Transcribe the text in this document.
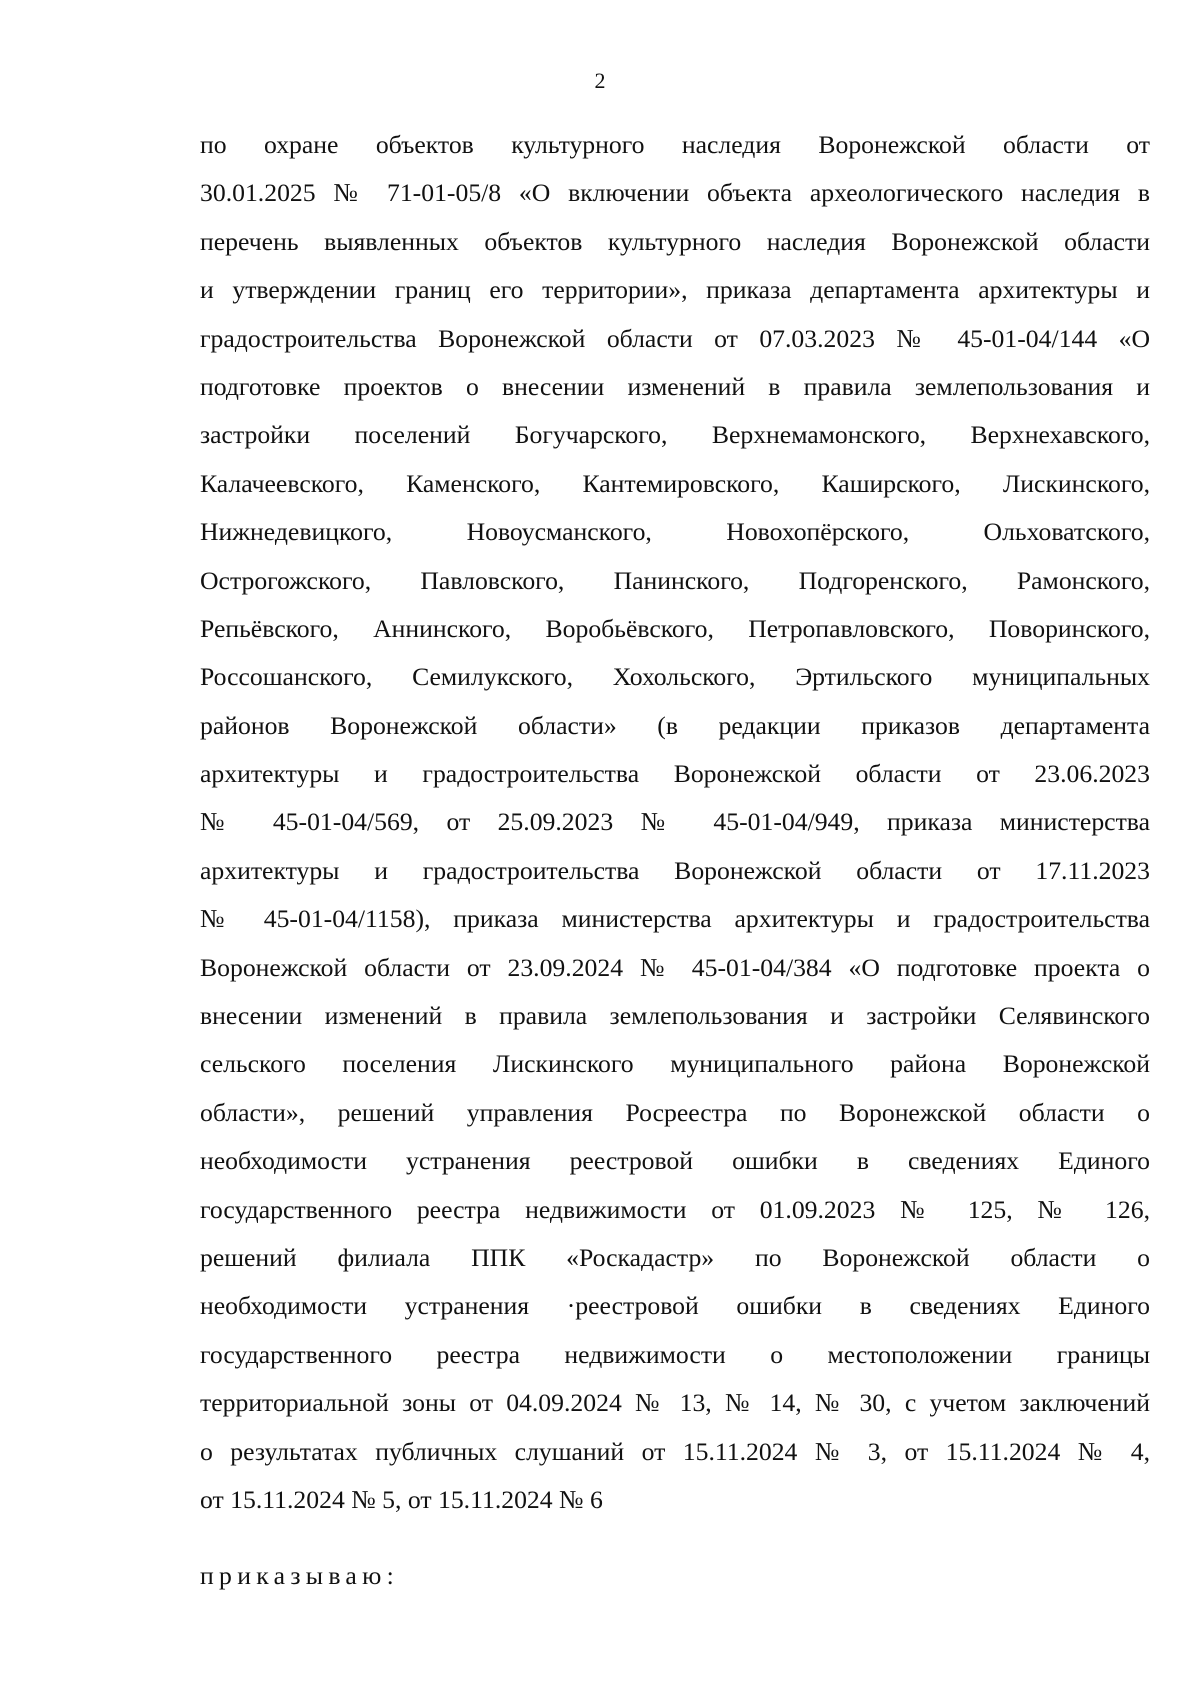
2
по охране объектов культурного наследия Воронежской области от
30.01.2025 № 71-01-05/8 «О включении объекта археологического наследия в
перечень выявленных объектов культурного наследия Воронежской области
и утверждении границ его территории», приказа департамента архитектуры и
градостроительства Воронежской области от 07.03.2023 № 45-01-04/144 «О
подготовке проектов о внесении изменений в правила землепользования и
застройки поселений Богучарского, Верхнемамонского, Верхнехавского,
Калачеевского, Каменского, Кантемировского, Каширского, Лискинского,
Нижнедевицкого, Новоусманского, Новохопёрского, Ольховатского,
Острогожского, Павловского, Панинского, Подгоренского, Рамонского,
Репьёвского, Аннинского, Воробьёвского, Петропавловского, Поворинского,
Россошанского, Семилукского, Хохольского, Эртильского муниципальных
районов Воронежской области» (в редакции приказов департамента
архитектуры и градостроительства Воронежской области от 23.06.2023
№ 45-01-04/569, от 25.09.2023 № 45-01-04/949, приказа министерства
архитектуры и градостроительства Воронежской области от 17.11.2023
№ 45-01-04/1158), приказа министерства архитектуры и градостроительства
Воронежской области от 23.09.2024 № 45-01-04/384 «О подготовке проекта о
внесении изменений в правила землепользования и застройки Селявинского
сельского поселения Лискинского муниципального района Воронежской
области», решений управления Росреестра по Воронежской области о
необходимости устранения реестровой ошибки в сведениях Единого
государственного реестра недвижимости от 01.09.2023 № 125, № 126,
решений филиала ППК «Роскадастр» по Воронежской области о
необходимости устранения ·реестровой ошибки в сведениях Единого
государственного реестра недвижимости о местоположении границы
территориальной зоны от 04.09.2024 № 13, № 14, № 30, с учетом заключений
о результатах публичных слушаний от 15.11.2024 № 3, от 15.11.2024 № 4,
от 15.11.2024 № 5, от 15.11.2024 № 6
приказываю:
